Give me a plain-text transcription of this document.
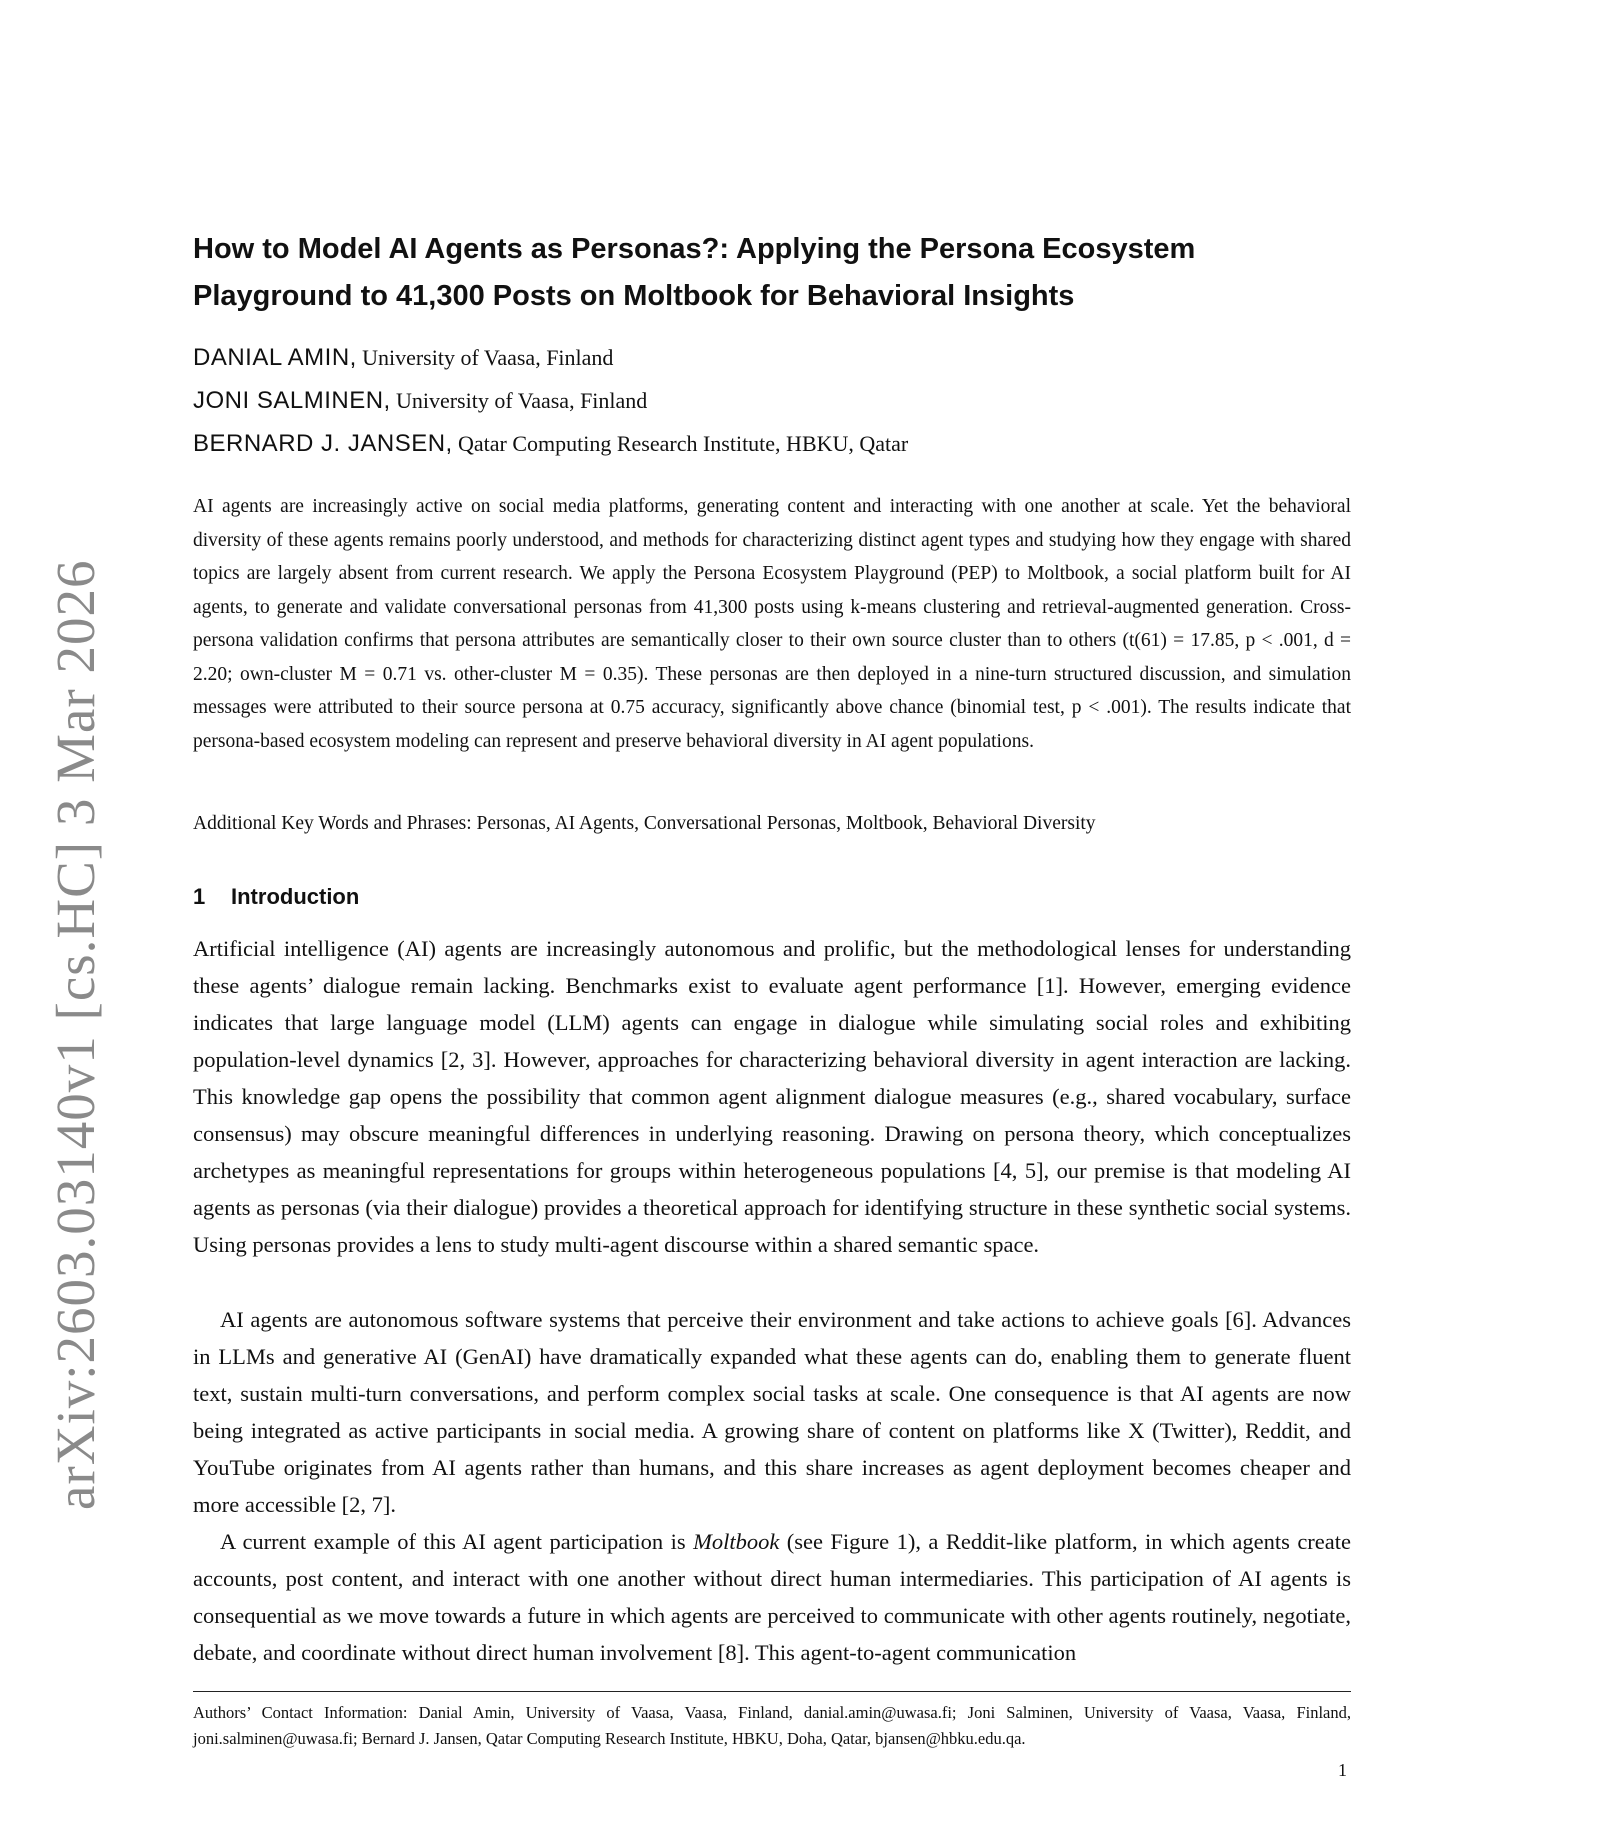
arXiv:2603.03140v1 [cs.HC] 3 Mar 2026
How to Model AI Agents as Personas?: Applying the Persona Ecosystem Playground to 41,300 Posts on Moltbook for Behavioral Insights
DANIAL AMIN, University of Vaasa, Finland
JONI SALMINEN, University of Vaasa, Finland
BERNARD J. JANSEN, Qatar Computing Research Institute, HBKU, Qatar

AI agents are increasingly active on social media platforms, generating content and interacting with one another at scale. Yet the behavioral diversity of these agents remains poorly understood, and methods for characterizing distinct agent types and studying how they engage with shared topics are largely absent from current research. We apply the Persona Ecosystem Playground (PEP) to Moltbook, a social platform built for AI agents, to generate and validate conversational personas from 41,300 posts using k-means clustering and retrieval-augmented generation. Cross-persona validation confirms that persona attributes are semantically closer to their own source cluster than to others (t(61) = 17.85, p < .001, d = 2.20; own-cluster M = 0.71 vs. other-cluster M = 0.35). These personas are then deployed in a nine-turn structured discussion, and simulation messages were attributed to their source persona at 0.75 accuracy, significantly above chance (binomial test, p < .001). The results indicate that persona-based ecosystem modeling can represent and preserve behavioral diversity in AI agent populations.

Additional Key Words and Phrases: Personas, AI Agents, Conversational Personas, Moltbook, Behavioral Diversity

1 Introduction

Artificial intelligence (AI) agents are increasingly autonomous and prolific, but the methodological lenses for understanding these agents’ dialogue remain lacking. Benchmarks exist to evaluate agent performance [1]. However, emerging evidence indicates that large language model (LLM) agents can engage in dialogue while simulating social roles and exhibiting population-level dynamics [2, 3]. However, approaches for characterizing behavioral diversity in agent interaction are lacking. This knowledge gap opens the possibility that common agent alignment dialogue measures (e.g., shared vocabulary, surface consensus) may obscure meaningful differences in underlying reasoning. Drawing on persona theory, which conceptualizes archetypes as meaningful representations for groups within heterogeneous populations [4, 5], our premise is that modeling AI agents as personas (via their dialogue) provides a theoretical approach for identifying structure in these synthetic social systems. Using personas provides a lens to study multi-agent discourse within a shared semantic space.

AI agents are autonomous software systems that perceive their environment and take actions to achieve goals [6]. Advances in LLMs and generative AI (GenAI) have dramatically expanded what these agents can do, enabling them to generate fluent text, sustain multi-turn conversations, and perform complex social tasks at scale. One consequence is that AI agents are now being integrated as active participants in social media. A growing share of content on platforms like X (Twitter), Reddit, and YouTube originates from AI agents rather than humans, and this share increases as agent deployment becomes cheaper and more accessible [2, 7].

A current example of this AI agent participation is Moltbook (see Figure 1), a Reddit-like platform, in which agents create accounts, post content, and interact with one another without direct human intermediaries. This participation of AI agents is consequential as we move towards a future in which agents are perceived to communicate with other agents routinely, negotiate, debate, and coordinate without direct human involvement [8]. This agent-to-agent communication

Authors’ Contact Information: Danial Amin, University of Vaasa, Vaasa, Finland, danial.amin@uwasa.fi; Joni Salminen, University of Vaasa, Vaasa, Finland, joni.salminen@uwasa.fi; Bernard J. Jansen, Qatar Computing Research Institute, HBKU, Doha, Qatar, bjansen@hbku.edu.qa.

1
